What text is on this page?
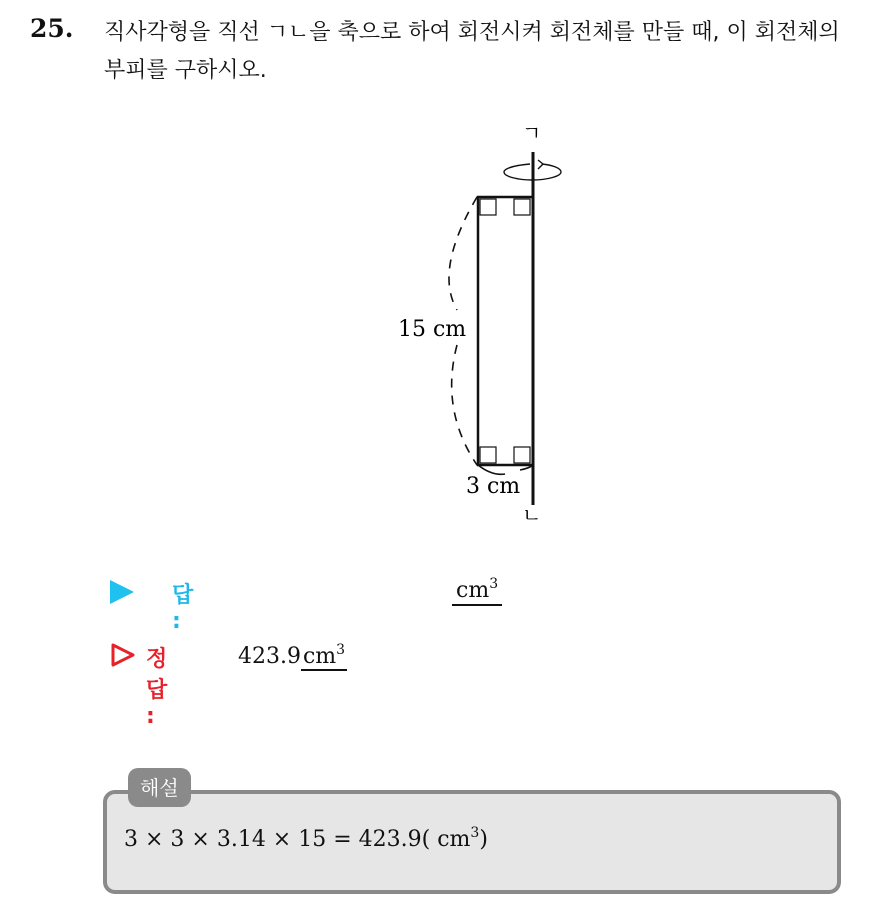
25. 직사각형을 직선 ㄱㄴ을 축으로 하여 회전시켜 회전체를 만들 때, 이 회전체의 부피를 구하시오.
ㄱ
ㄴ
15 cm
3 cm
답 :
$cm^3$
정답 :
$423.9cm^3$
해설
3 × 3 × 3.14 × 15 = 423.9( $cm^3$)
